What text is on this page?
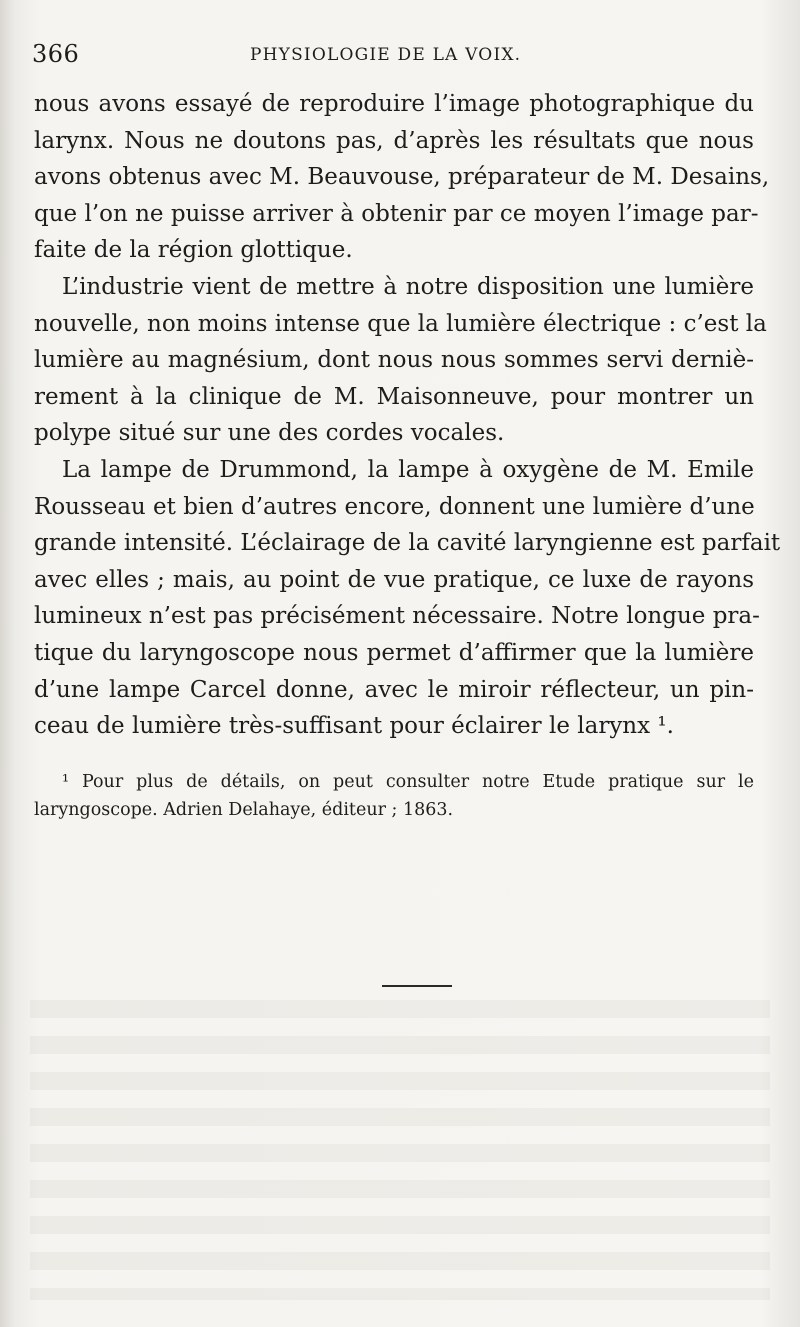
366	PHYSIOLOGIE DE LA VOIX.
nous avons essayé de reproduire l’image photographique du
larynx. Nous ne doutons pas, d’après les résultats que nous
avons obtenus avec M. Beauvouse, préparateur de M. Desains,
que l’on ne puisse arriver à obtenir par ce moyen l’image par-
faite de la région glottique.
L’industrie vient de mettre à notre disposition une lumière
nouvelle, non moins intense que la lumière électrique : c’est la
lumière au magnésium, dont nous nous sommes servi derniè-
rement à la clinique de M. Maisonneuve, pour montrer un
polype situé sur une des cordes vocales.
La lampe de Drummond, la lampe à oxygène de M. Emile
Rousseau et bien d’autres encore, donnent une lumière d’une
grande intensité. L’éclairage de la cavité laryngienne est parfait
avec elles ; mais, au point de vue pratique, ce luxe de rayons
lumineux n’est pas précisément nécessaire. Notre longue pra-
tique du laryngoscope nous permet d’affirmer que la lumière
d’une lampe Carcel donne, avec le miroir réflecteur, un pin-
ceau de lumière très-suffisant pour éclairer le larynx ¹.
¹ Pour plus de détails, on peut consulter notre Etude pratique sur le
laryngoscope. Adrien Delahaye, éditeur ; 1863.
